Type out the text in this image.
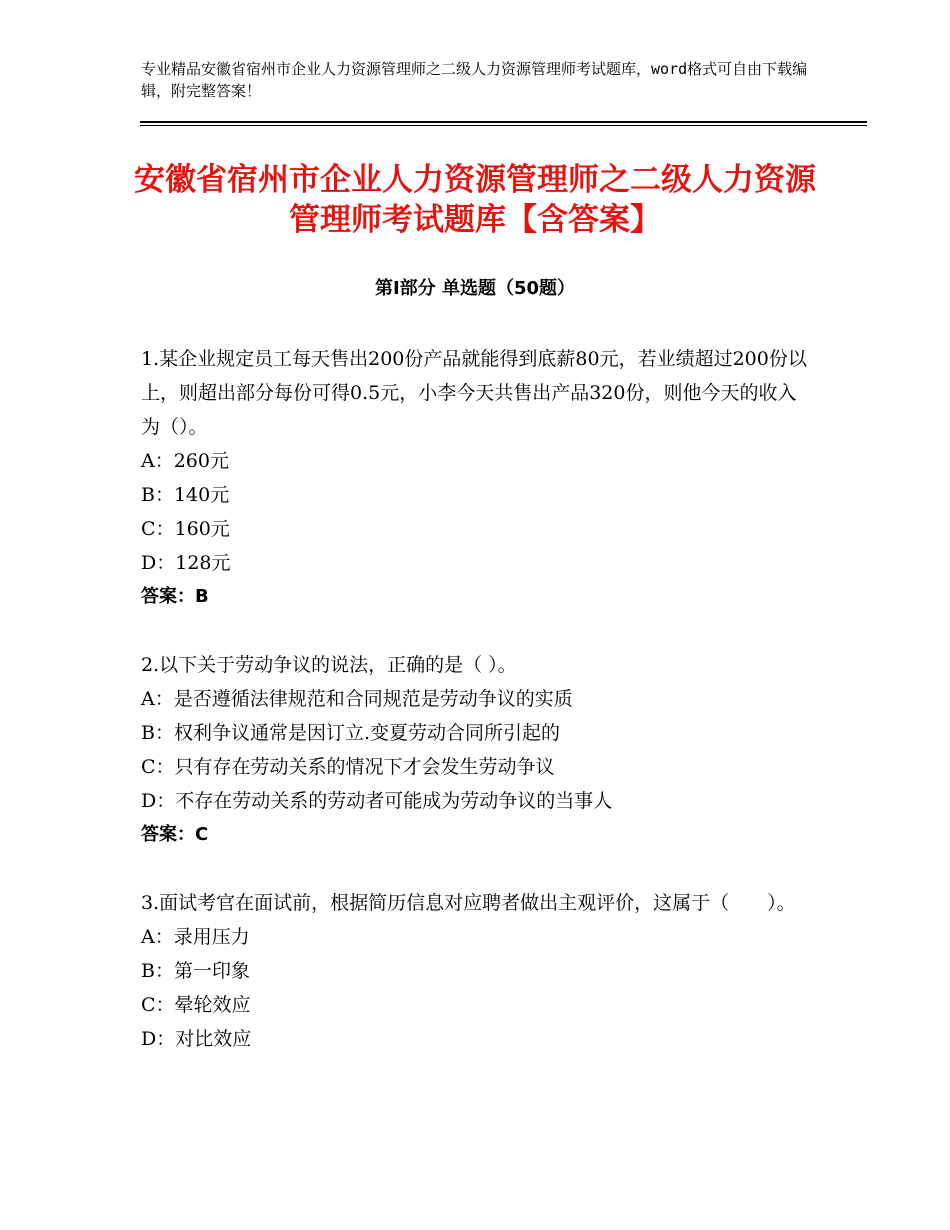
专业精品安徽省宿州市企业人力资源管理师之二级人力资源管理师考试题库，word格式可自由下载编辑，附完整答案！
安徽省宿州市企业人力资源管理师之二级人力资源管理师考试题库【含答案】
第Ⅰ部分 单选题（50题）
1.某企业规定员工每天售出200份产品就能得到底薪80元，若业绩超过200份以上，则超出部分每份可得0.5元，小李今天共售出产品320份，则他今天的收入为（）。
A：260元
B：140元
C：160元
D：128元
答案：B
2.以下关于劳动争议的说法，正确的是（ ）。
A：是否遵循法律规范和合同规范是劳动争议的实质
B：权利争议通常是因订立.变夏劳动合同所引起的
C：只有存在劳动关系的情况下才会发生劳动争议
D：不存在劳动关系的劳动者可能成为劳动争议的当事人
答案：C
3.面试考官在面试前，根据简历信息对应聘者做出主观评价，这属于（　　）。
A：录用压力
B：第一印象
C：晕轮效应
D：对比效应
